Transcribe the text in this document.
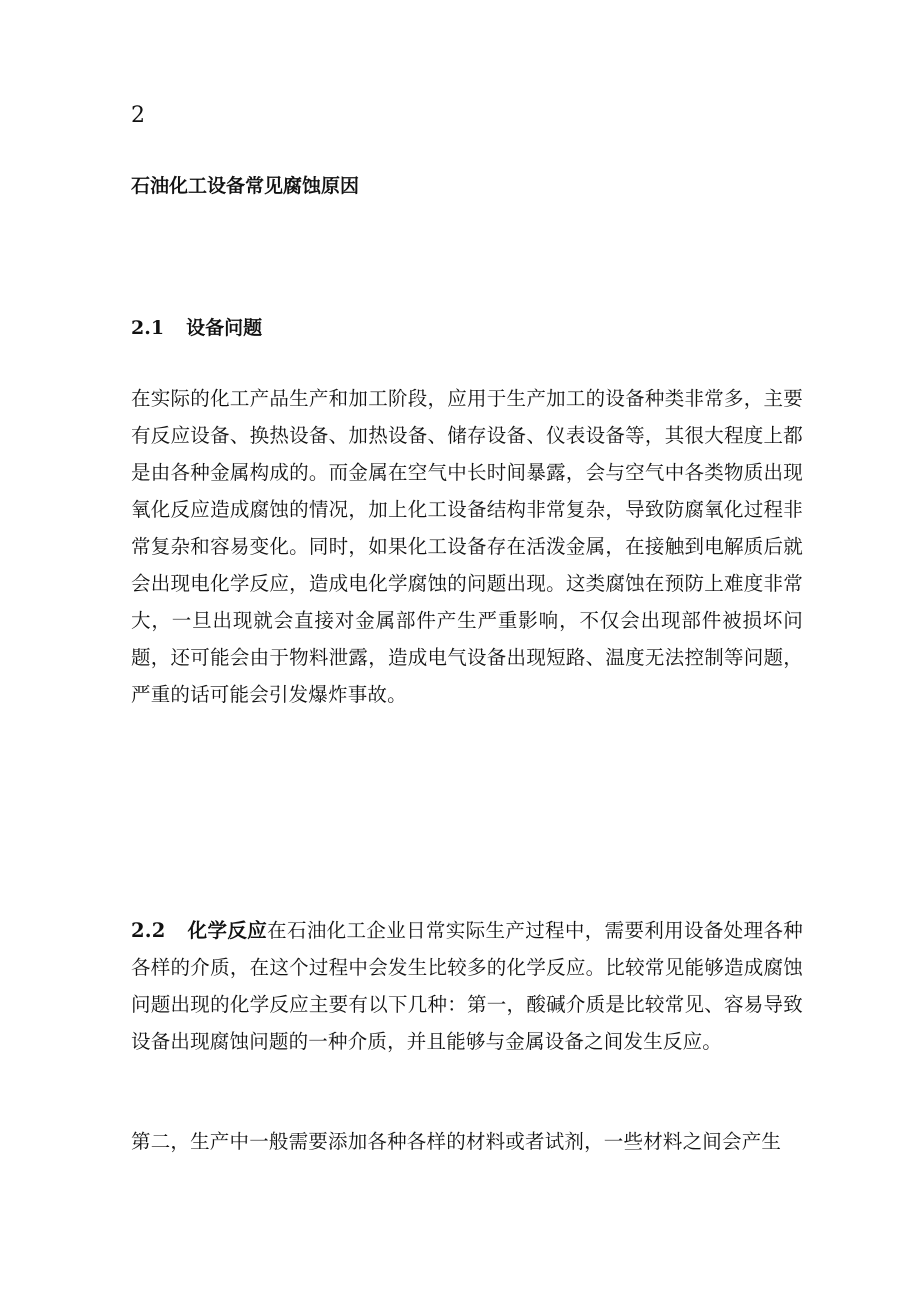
2
石油化工设备常见腐蚀原因
2.1 设备问题
在实际的化工产品生产和加工阶段，应用于生产加工的设备种类非常多，主要有反应设备、换热设备、加热设备、储存设备、仪表设备等，其很大程度上都是由各种金属构成的。而金属在空气中长时间暴露，会与空气中各类物质出现氧化反应造成腐蚀的情况，加上化工设备结构非常复杂，导致防腐氧化过程非常复杂和容易变化。同时，如果化工设备存在活泼金属，在接触到电解质后就会出现电化学反应，造成电化学腐蚀的问题出现。这类腐蚀在预防上难度非常大，一旦出现就会直接对金属部件产生严重影响，不仅会出现部件被损坏问题，还可能会由于物料泄露，造成电气设备出现短路、温度无法控制等问题，严重的话可能会引发爆炸事故。
2.2 化学反应在石油化工企业日常实际生产过程中，需要利用设备处理各种各样的介质，在这个过程中会发生比较多的化学反应。比较常见能够造成腐蚀问题出现的化学反应主要有以下几种：第一，酸碱介质是比较常见、容易导致设备出现腐蚀问题的一种介质，并且能够与金属设备之间发生反应。
第二，生产中一般需要添加各种各样的材料或者试剂，一些材料之间会产生
